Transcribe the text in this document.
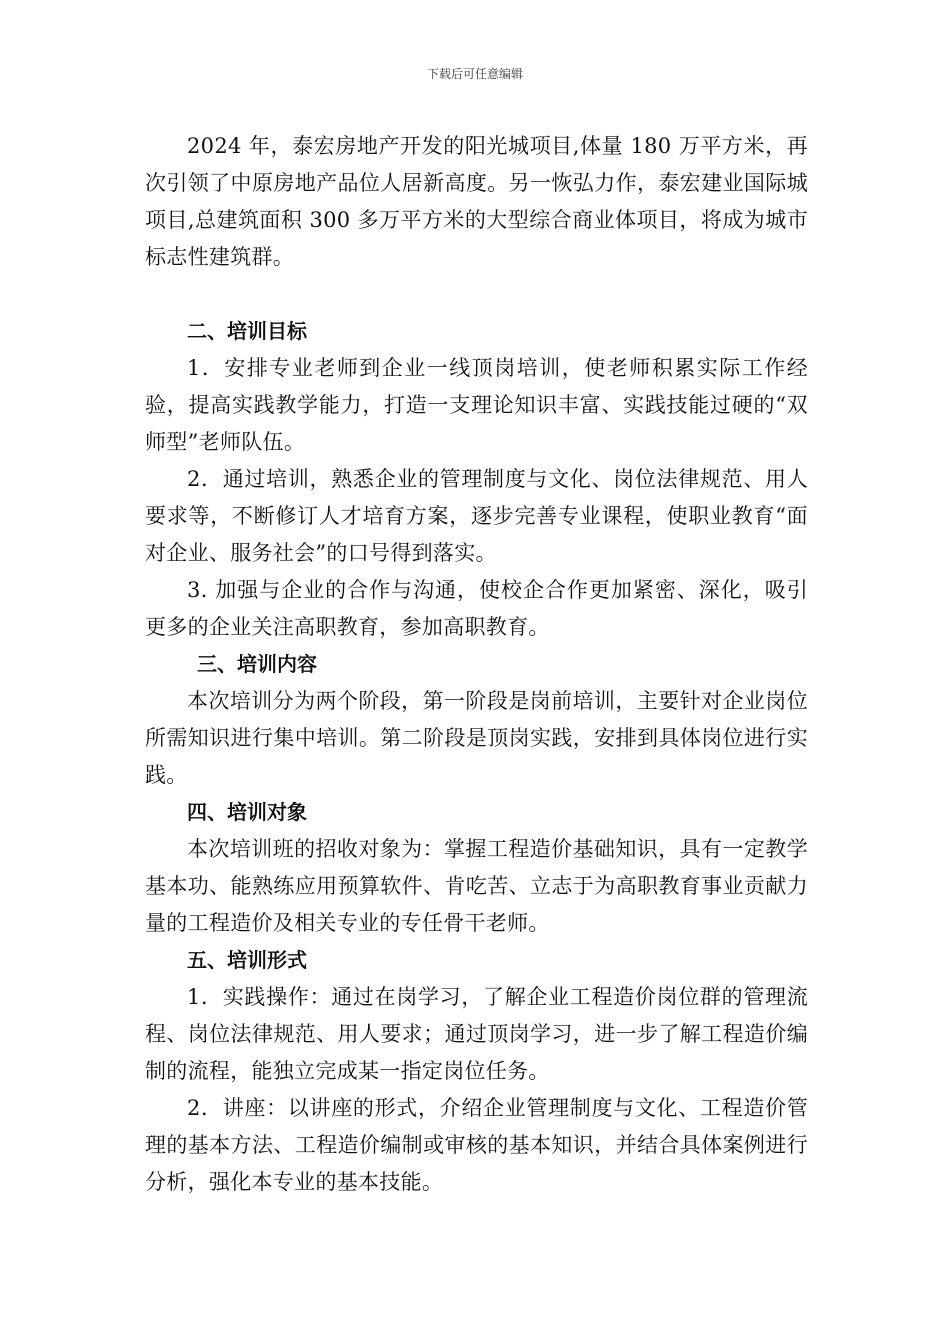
下载后可任意编辑

2024 年，泰宏房地产开发的阳光城项目,体量 180 万平方米，再次引领了中原房地产品位人居新高度。另一恢弘力作，泰宏建业国际城项目,总建筑面积 300 多万平方米的大型综合商业体项目，将成为城市标志性建筑群。

二、培训目标

1．安排专业老师到企业一线顶岗培训，使老师积累实际工作经验，提高实践教学能力，打造一支理论知识丰富、实践技能过硬的“双师型”老师队伍。

2．通过培训，熟悉企业的管理制度与文化、岗位法律规范、用人要求等，不断修订人才培育方案，逐步完善专业课程，使职业教育“面对企业、服务社会”的口号得到落实。

3. 加强与企业的合作与沟通，使校企合作更加紧密、深化，吸引更多的企业关注高职教育，参加高职教育。

三、培训内容

本次培训分为两个阶段，第一阶段是岗前培训，主要针对企业岗位所需知识进行集中培训。第二阶段是顶岗实践，安排到具体岗位进行实践。

四、培训对象

本次培训班的招收对象为：掌握工程造价基础知识，具有一定教学基本功、能熟练应用预算软件、肯吃苦、立志于为高职教育事业贡献力量的工程造价及相关专业的专任骨干老师。

五、培训形式

1．实践操作：通过在岗学习，了解企业工程造价岗位群的管理流程、岗位法律规范、用人要求；通过顶岗学习，进一步了解工程造价编制的流程，能独立完成某一指定岗位任务。

2．讲座：以讲座的形式，介绍企业管理制度与文化、工程造价管理的基本方法、工程造价编制或审核的基本知识，并结合具体案例进行分析，强化本专业的基本技能。
